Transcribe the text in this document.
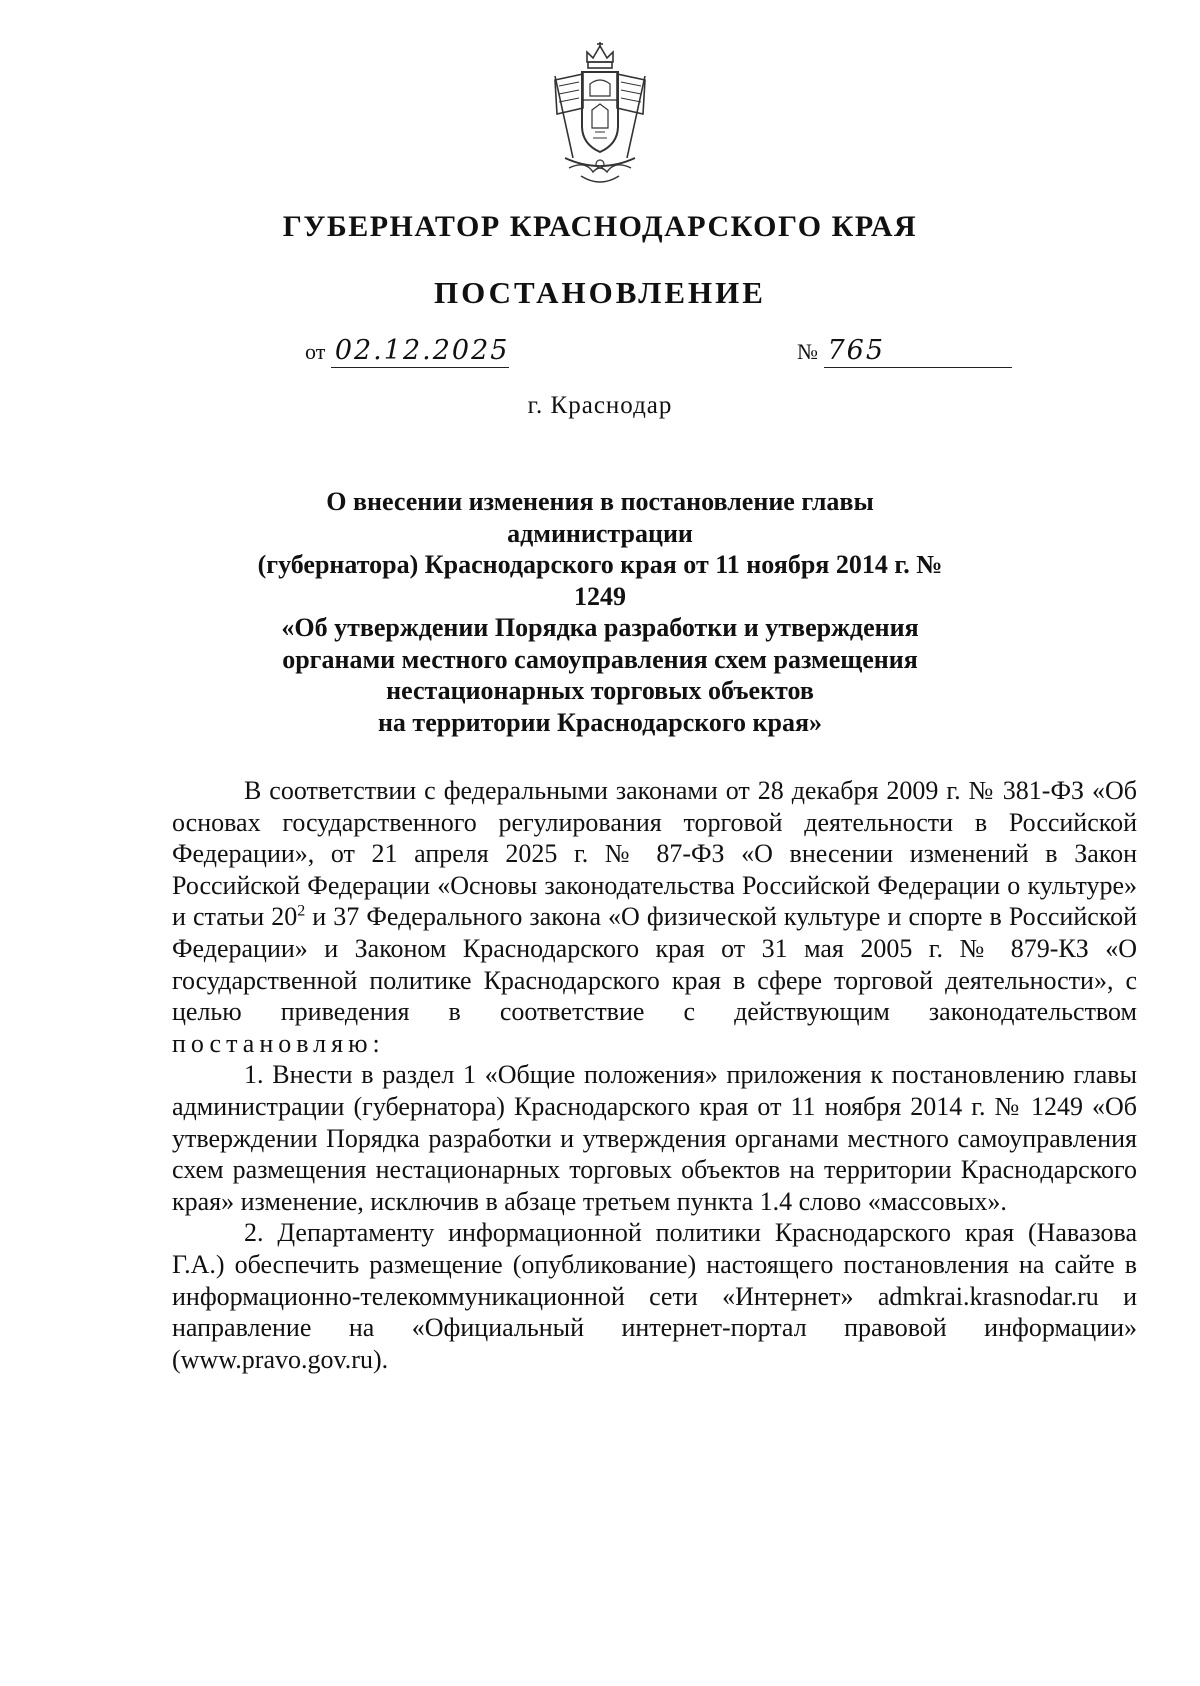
ГУБЕРНАТОР КРАСНОДАРСКОГО КРАЯ
ПОСТАНОВЛЕНИЕ
от 02.12.2025	№ 765
г. Краснодар
О внесении изменения в постановление главы администрации
(губернатора) Краснодарского края от 11 ноября 2014 г. № 1249
«Об утверждении Порядка разработки и утверждения
органами местного самоуправления схем размещения
нестационарных торговых объектов
на территории Краснодарского края»

В соответствии с федеральными законами от 28 декабря 2009 г. № 381-ФЗ «Об основах государственного регулирования торговой деятельности в Российской Федерации», от 21 апреля 2025 г. № 87-ФЗ «О внесении изменений в Закон Российской Федерации «Основы законодательства Российской Федерации о культуре» и статьи $20^2$ и 37 Федерального закона «О физической культуре и спорте в Российской Федерации» и Законом Краснодарского края от 31 мая 2005 г. № 879-КЗ «О государственной политике Краснодарского края в сфере торговой деятельности», с целью приведения в соответствие с действующим законодательством постановляю:

1. Внести в раздел 1 «Общие положения» приложения к постановлению главы администрации (губернатора) Краснодарского края от 11 ноября 2014 г. № 1249 «Об утверждении Порядка разработки и утверждения органами местного самоуправления схем размещения нестационарных торговых объектов на территории Краснодарского края» изменение, исключив в абзаце третьем пункта 1.4 слово «массовых».

2. Департаменту информационной политики Краснодарского края (Навазова Г.А.) обеспечить размещение (опубликование) настоящего постановления на сайте в информационно-телекоммуникационной сети «Интернет» admkrai.krasnodar.ru и направление на «Официальный интернет-портал правовой информации» (www.pravo.gov.ru).
